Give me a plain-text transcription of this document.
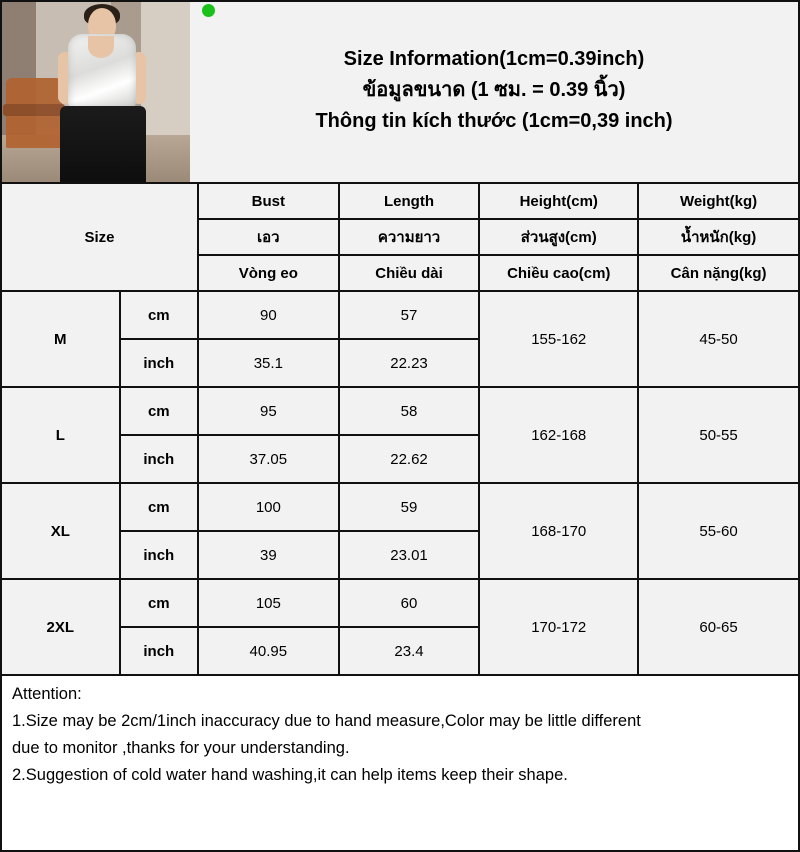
Size Information(1cm=0.39inch)
ข้อมูลขนาด (1 ซม. = 0.39 นิ้ว)
Thông tin kích thước (1cm=0,39 inch)
Size		Bust	Length	Height(cm)	Weight(kg)
		เอว	ความยาว	ส่วนสูง(cm)	น้ำหนัก(kg)
		Vòng eo	Chiều dài	Chiều cao(cm)	Cân nặng(kg)
M	cm	90	57	155-162	45-50
	inch	35.1	22.23		
L	cm	95	58	162-168	50-55
	inch	37.05	22.62		
XL	cm	100	59	168-170	55-60
	inch	39	23.01		
2XL	cm	105	60	170-172	60-65
	inch	40.95	23.4		

Attention:

1.Size may be 2cm/1inch inaccuracy due to hand measure,Color may be little different

due to monitor ,thanks for your understanding.

2.Suggestion of cold water hand washing,it can help items keep their shape.
